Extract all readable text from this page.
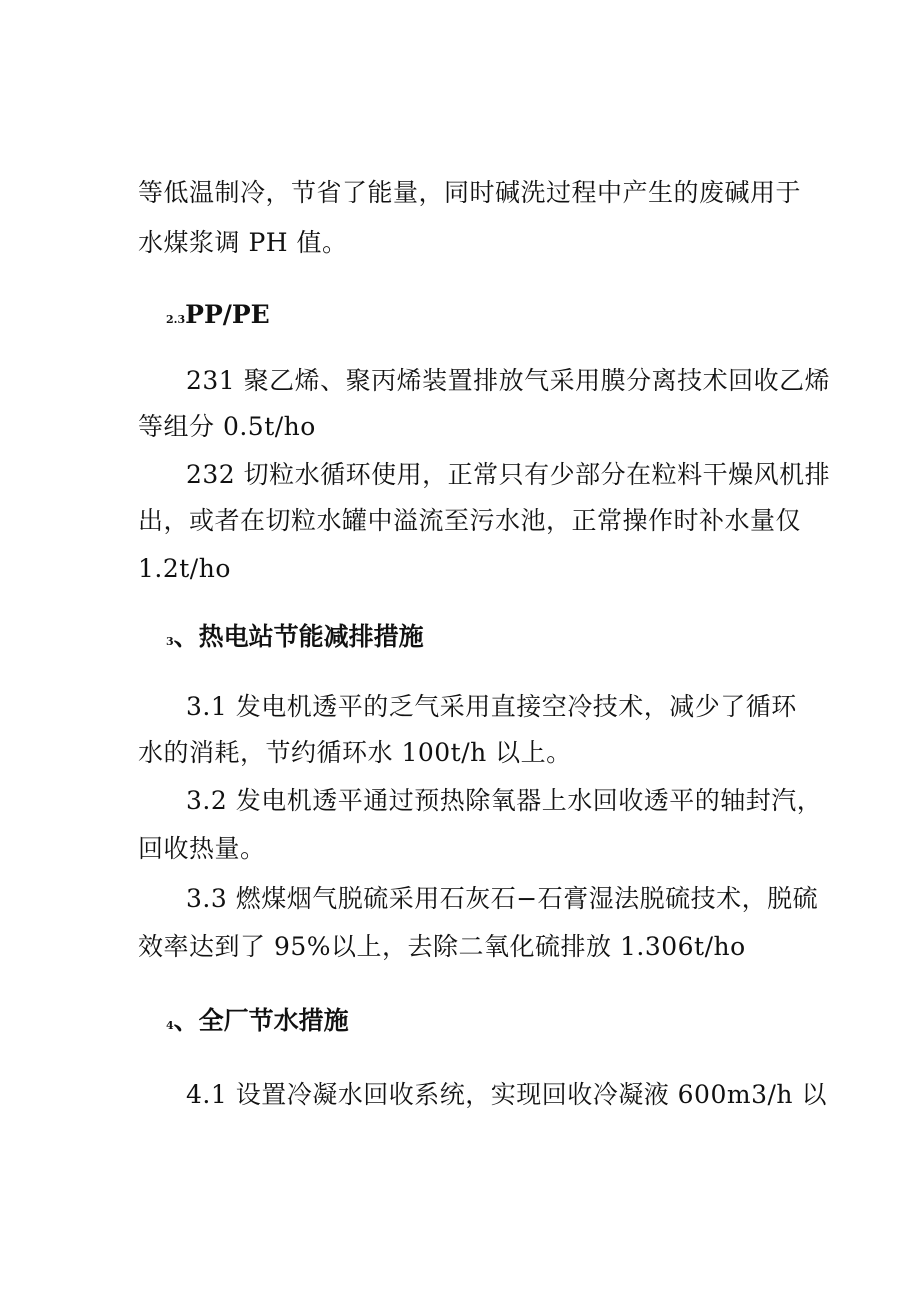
等低温制冷，节省了能量，同时碱洗过程中产生的废碱用于
水煤浆调 PH 值。
2.3PP/PE
231 聚乙烯、聚丙烯装置排放气采用膜分离技术回收乙烯
等组分 0.5t/ho
232 切粒水循环使用，正常只有少部分在粒料干燥风机排
出，或者在切粒水罐中溢流至污水池，正常操作时补水量仅
1.2t/ho
3、热电站节能减排措施
3.1 发电机透平的乏气采用直接空冷技术，减少了循环
水的消耗，节约循环水 100t/h 以上。
3.2 发电机透平通过预热除氧器上水回收透平的轴封汽，
回收热量。
3.3 燃煤烟气脱硫采用石灰石−石膏湿法脱硫技术，脱硫
效率达到了 95%以上，去除二氧化硫排放 1.306t/ho
4、全厂节水措施
4.1 设置冷凝水回收系统，实现回收冷凝液 600m3/h 以
